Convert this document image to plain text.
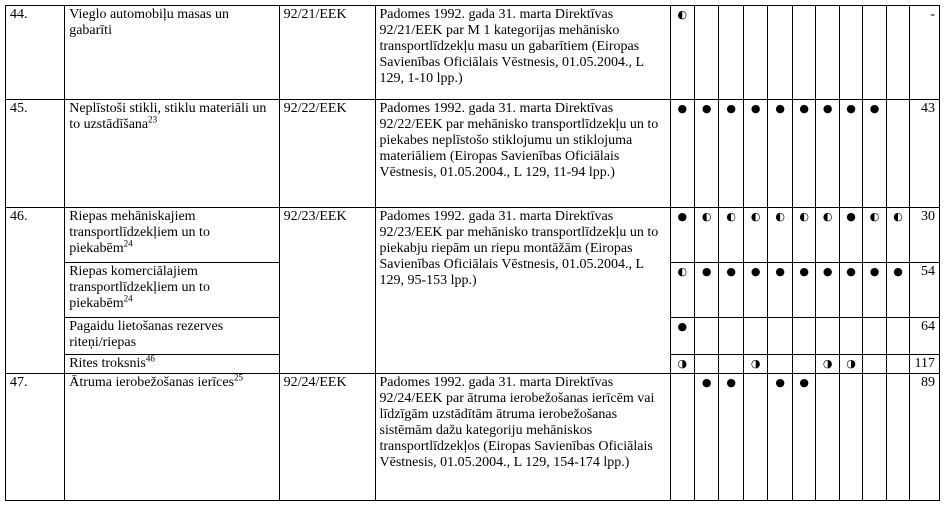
44.	Vieglo automobiļu masas un gabarīti	92/21/EEK	Padomes 1992. gada 31. marta Direktīvas 92/21/EEK par M 1 kategorijas mehānisko transportlīdzekļu masu un gabarītiem (Eiropas Savienības Oficiālais Vēstnesis, 01.05.2004., L 129, 1-10 lpp.)	◐										-
45.	Neplīstoši stikli, stiklu materiāli un to uzstādīšana$^{23}$	92/22/EEK	Padomes 1992. gada 31. marta Direktīvas 92/22/EEK par mehānisko transportlīdzekļu un to piekabes neplīstošo stiklojumu un stiklojuma materiāliem (Eiropas Savienības Oficiālais Vēstnesis, 01.05.2004., L 129, 11-94 lpp.)	●	●	●	●	●	●	●	●	●		43
46.	Riepas mehāniskajiem transportlīdzekļiem un to piekabēm$^{24}$	92/23/EEK	Padomes 1992. gada 31. marta Direktīvas 92/23/EEK par mehānisko transportlīdzekļu un to piekabju riepām un riepu montāžām (Eiropas Savienības Oficiālais Vēstnesis, 01.05.2004., L 129, 95-153 lpp.)	●	◐	◐	◐	◐	◐	◐	●	◐	◐	30
	Riepas komerciālajiem transportlīdzekļiem un to piekabēm$^{24}$			◐	●	●	●	●	●	●	●	●	●	54
	Pagaidu lietošanas rezerves riteņi/riepas			●										64
	Rites troksnis$^{46}$			◑			◑			◑	◑			117
47.	Ātruma ierobežošanas ierīces$^{25}$	92/24/EEK	Padomes 1992. gada 31. marta Direktīvas 92/24/EEK par ātruma ierobežošanas ierīcēm vai līdzīgām uzstādītām ātruma ierobežošanas sistēmām dažu kategoriju mehāniskos transportlīdzekļos (Eiropas Savienības Oficiālais Vēstnesis, 01.05.2004., L 129, 154-174 lpp.)		●	●		●	●					89
